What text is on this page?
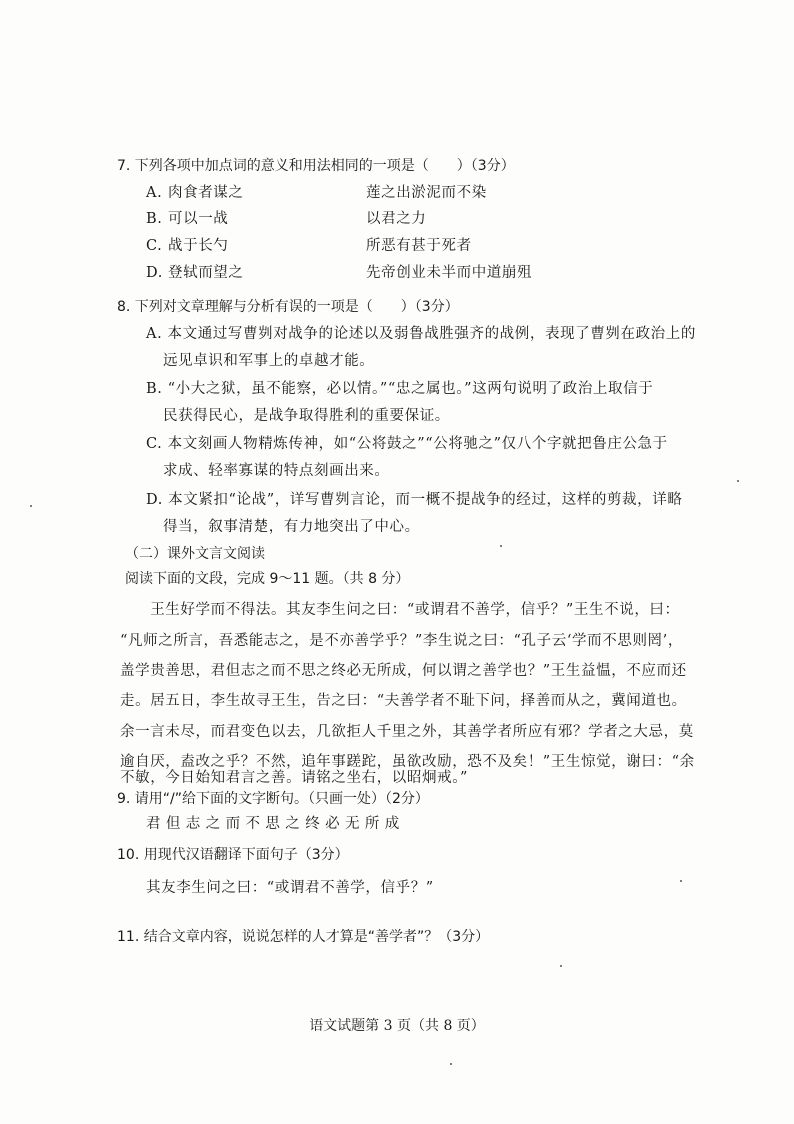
7. 下列各项中加点词的意义和用法相同的一项是（　　）（3分）
A. 肉食者谋之	莲之出淤泥而不染
B. 可以一战	以君之力
C. 战于长勺	所恶有甚于死者
D. 登轼而望之	先帝创业未半而中道崩殂
8. 下列对文章理解与分析有误的一项是（　　）（3分）
A. 本文通过写曹刿对战争的论述以及弱鲁战胜强齐的战例，表现了曹刿在政治上的
远见卓识和军事上的卓越才能。
B. “小大之狱，虽不能察，必以情。”“忠之属也。”这两句说明了政治上取信于
民获得民心，是战争取得胜利的重要保证。
C. 本文刻画人物精炼传神，如“公将鼓之”“公将驰之”仅八个字就把鲁庄公急于
求成、轻率寡谋的特点刻画出来。
D. 本文紧扣“论战”，详写曹刿言论，而一概不提战争的经过，这样的剪裁，详略
得当，叙事清楚，有力地突出了中心。
（二）课外文言文阅读
阅读下面的文段，完成 9～11 题。（共 8 分）
　　王生好学而不得法。其友李生问之曰：“或谓君不善学，信乎？”王生不说，曰：
“凡师之所言，吾悉能志之，是不亦善学乎？”李生说之曰：“孔子云‘学而不思则罔’，
盖学贵善思，君但志之而不思之终必无所成，何以谓之善学也？”王生益愠，不应而还
走。居五日，李生故寻王生，告之曰：“夫善学者不耻下问，择善而从之，冀闻道也。
余一言未尽，而君变色以去，几欲拒人千里之外，其善学者所应有邪？学者之大忌，莫
逾自厌，盍改之乎？不然，追年事蹉跎，虽欲改励，恐不及矣！”王生惊觉，谢曰：“余
不敏，今日始知君言之善。请铭之坐右，以昭炯戒。”
9. 请用“/”给下面的文字断句。（只画一处）（2分）
君但志之而不思之终必无所成
10. 用现代汉语翻译下面句子（3分）
其友李生问之曰：“或谓君不善学，信乎？”
11. 结合文章内容，说说怎样的人才算是“善学者”？（3分）
语文试题第 3 页（共 8 页）
